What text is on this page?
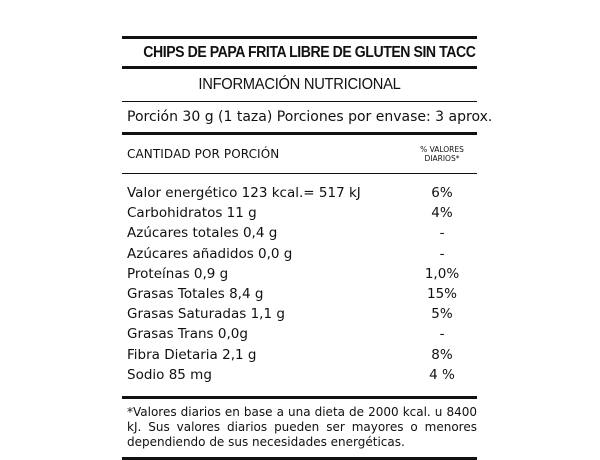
CHIPS DE PAPA FRITA LIBRE DE GLUTEN SIN TACC
INFORMACIÓN NUTRICIONAL
Porción 30 g (1 taza) Porciones por envase: 3 aprox.
CANTIDAD POR PORCIÓN	% VALORES
DIARIOS*
Valor energético 123 kcal.= 517 kJ	6%
Carbohidratos 11 g	4%
Azúcares totales 0,4 g	-
Azúcares añadidos 0,0 g	-
Proteínas 0,9 g	1,0%
Grasas Totales 8,4 g	15%
Grasas Saturadas 1,1 g	5%
Grasas Trans 0,0g	-
Fibra Dietaria 2,1 g	8%
Sodio 85 mg	4 %
*Valores diarios en base a una dieta de 2000 kcal. u 8400 kJ. Sus valores diarios pueden ser mayores o menores dependiendo de sus necesidades energéticas.
